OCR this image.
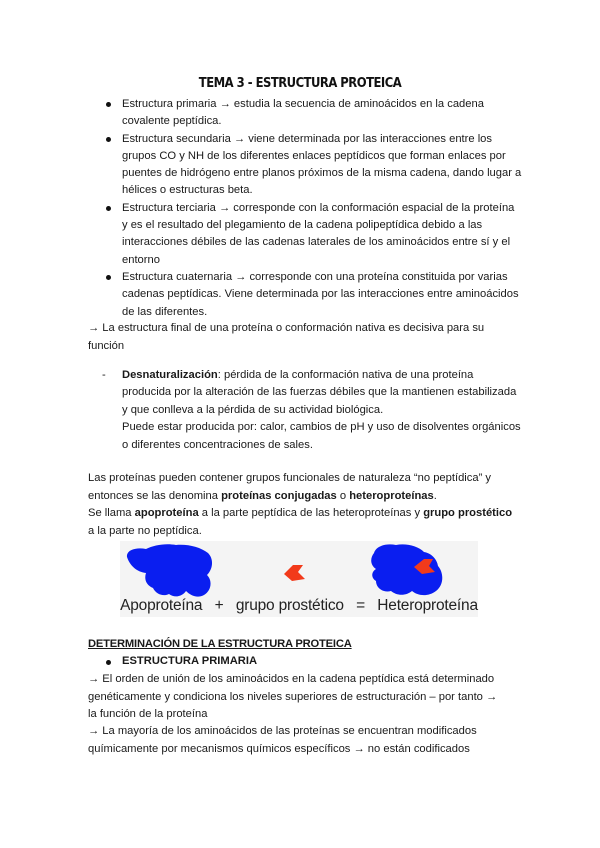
TEMA 3 - ESTRUCTURA PROTEICA
Estructura primaria → estudia la secuencia de aminoácidos en la cadena covalente peptídica.
Estructura secundaria → viene determinada por las interacciones entre los grupos CO y NH de los diferentes enlaces peptídicos que forman enlaces por puentes de hidrógeno entre planos próximos de la misma cadena, dando lugar a hélices o estructuras beta.
Estructura terciaria → corresponde con la conformación espacial de la proteína y es el resultado del plegamiento de la cadena polipeptídica debido a las interacciones débiles de las cadenas laterales de los aminoácidos entre sí y el entorno
Estructura cuaternaria → corresponde con una proteína constituida por varias cadenas peptídicas. Viene determinada por las interacciones entre aminoácidos de las diferentes.

→ La estructura final de una proteína o conformación nativa es decisiva para su función

- Desnaturalización: pérdida de la conformación nativa de una proteína producida por la alteración de las fuerzas débiles que la mantienen estabilizada y que conlleva a la pérdida de su actividad biológica.
Puede estar producida por: calor, cambios de pH y uso de disolventes orgánicos o diferentes concentraciones de sales.

Las proteínas pueden contener grupos funcionales de naturaleza “no peptídica” y entonces se las denomina proteínas conjugadas o heteroproteínas.

Se llama apoproteína a la parte peptídica de las heteroproteínas y grupo prostético a la parte no peptídica.

Apoproteína   +   grupo prostético   =   Heteroproteína
DETERMINACIÓN DE LA ESTRUCTURA PROTEICA
ESTRUCTURA PRIMARIA

→ El orden de unión de los aminoácidos en la cadena peptídica está determinado genéticamente y condiciona los niveles superiores de estructuración – por tanto → la función de la proteína

→ La mayoría de los aminoácidos de las proteínas se encuentran modificados químicamente por mecanismos químicos específicos → no están codificados
